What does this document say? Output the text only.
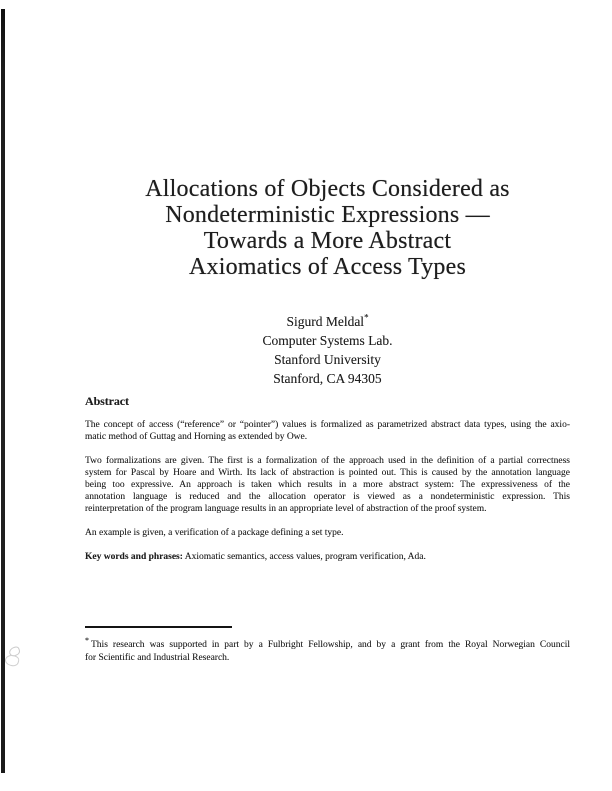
Allocations of Objects Considered as
Nondeterministic Expressions —
Towards a More Abstract
Axiomatics of Access Types
Sigurd Meldal*
Computer Systems Lab.
Stanford University
Stanford, CA 94305
Abstract
The concept of access (“reference” or “pointer”) values is formalized as parametrized abstract data types, using the axio-
matic method of Guttag and Horning as extended by Owe.
Two formalizations are given. The first is a formalization of the approach used in the definition of a partial correctness
system for Pascal by Hoare and Wirth. Its lack of abstraction is pointed out. This is caused by the annotation language
being too expressive. An approach is taken which results in a more abstract system: The expressiveness of the
annotation language is reduced and the allocation operator is viewed as a nondeterministic expression. This
reinterpretation of the program language results in an appropriate level of abstraction of the proof system.
An example is given, a verification of a package defining a set type.
Key words and phrases: Axiomatic semantics, access values, program verification, Ada.
* This research was supported in part by a Fulbright Fellowship, and by a grant from the Royal Norwegian Council
for Scientific and Industrial Research.
